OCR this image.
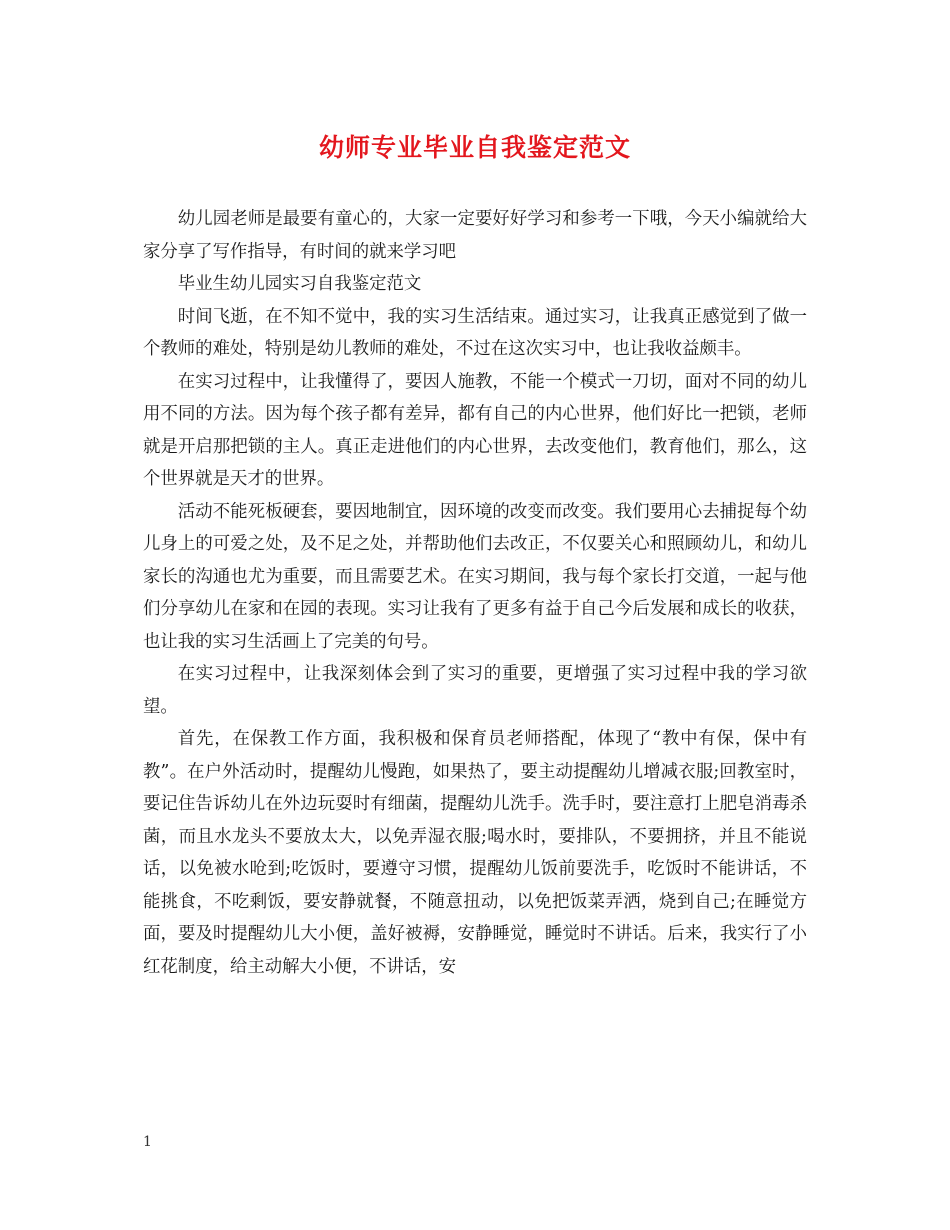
幼师专业毕业自我鉴定范文

幼儿园老师是最要有童心的，大家一定要好好学习和参考一下哦，今天小编就给大家分享了写作指导，有时间的就来学习吧

毕业生幼儿园实习自我鉴定范文

时间飞逝，在不知不觉中，我的实习生活结束。通过实习，让我真正感觉到了做一个教师的难处，特别是幼儿教师的难处，不过在这次实习中，也让我收益颇丰。

在实习过程中，让我懂得了，要因人施教，不能一个模式一刀切，面对不同的幼儿用不同的方法。因为每个孩子都有差异，都有自己的内心世界，他们好比一把锁，老师就是开启那把锁的主人。真正走进他们的内心世界，去改变他们，教育他们，那么，这个世界就是天才的世界。

活动不能死板硬套，要因地制宜，因环境的改变而改变。我们要用心去捕捉每个幼儿身上的可爱之处，及不足之处，并帮助他们去改正，不仅要关心和照顾幼儿，和幼儿家长的沟通也尤为重要，而且需要艺术。在实习期间，我与每个家长打交道，一起与他们分享幼儿在家和在园的表现。实习让我有了更多有益于自己今后发展和成长的收获，也让我的实习生活画上了完美的句号。

在实习过程中，让我深刻体会到了实习的重要，更增强了实习过程中我的学习欲望。

首先，在保教工作方面，我积极和保育员老师搭配，体现了“教中有保，保中有教”。在户外活动时，提醒幼儿慢跑，如果热了，要主动提醒幼儿增减衣服;回教室时，要记住告诉幼儿在外边玩耍时有细菌，提醒幼儿洗手。洗手时，要注意打上肥皂消毒杀菌，而且水龙头不要放太大，以免弄湿衣服;喝水时，要排队，不要拥挤，并且不能说话，以免被水呛到;吃饭时，要遵守习惯，提醒幼儿饭前要洗手，吃饭时不能讲话，不能挑食，不吃剩饭，要安静就餐，不随意扭动，以免把饭菜弄洒，烧到自己;在睡觉方面，要及时提醒幼儿大小便，盖好被褥，安静睡觉，睡觉时不讲话。后来，我实行了小红花制度，给主动解大小便，不讲话，安

1
